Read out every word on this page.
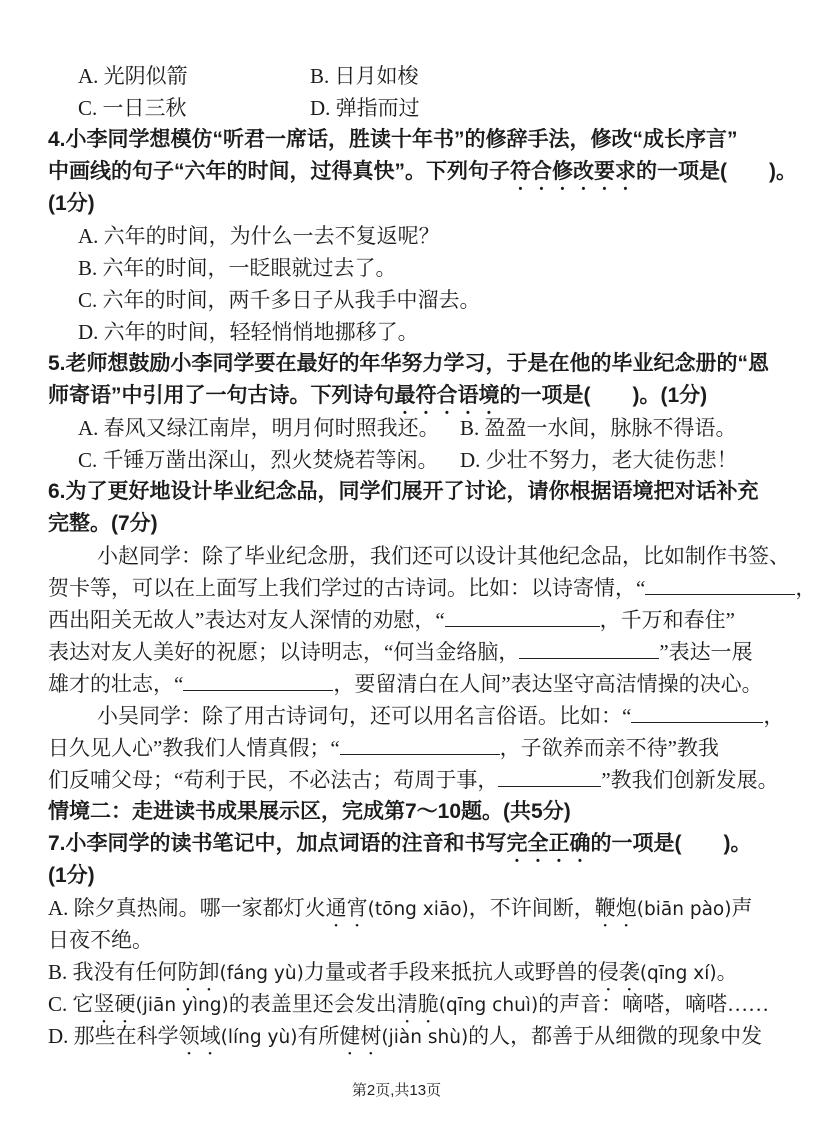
A. 光阴似箭	B. 日月如梭
C. 一日三秋	D. 弹指而过
4.小李同学想模仿“听君一席话，胜读十年书”的修辞手法，修改“成长序言”
中画线的句子“六年的时间，过得真快”。下列句子符合修改要求的一项是(　　)。
(1分)
A. 六年的时间，为什么一去不复返呢？
B. 六年的时间，一眨眼就过去了。
C. 六年的时间，两千多日子从我手中溜去。
D. 六年的时间，轻轻悄悄地挪移了。
5.老师想鼓励小李同学要在最好的年华努力学习，于是在他的毕业纪念册的“恩
师寄语”中引用了一句古诗。下列诗句最符合语境的一项是(　　)。(1分)
A. 春风又绿江南岸，明月何时照我还。 B. 盈盈一水间，脉脉不得语。
C. 千锤万凿出深山，烈火焚烧若等闲。 D. 少壮不努力，老大徒伤悲！
6.为了更好地设计毕业纪念品，同学们展开了讨论，请你根据语境把对话补充
完整。(7分)
小赵同学：除了毕业纪念册，我们还可以设计其他纪念品，比如制作书签、
贺卡等，可以在上面写上我们学过的古诗词。比如：以诗寄情，“	，
西出阳关无故人”表达对友人深情的劝慰，“	，千万和春住”
表达对友人美好的祝愿；以诗明志，“何当金络脑，	”表达一展
雄才的壮志，“	，要留清白在人间”表达坚守高洁情操的决心。
小吴同学：除了用古诗词句，还可以用名言俗语。比如：“	，
日久见人心”教我们人情真假；“	，子欲养而亲不待”教我
们反哺父母；“苟利于民，不必法古；苟周于事，	”教我们创新发展。
情境二：走进读书成果展示区，完成第7～10题。(共5分)
7.小李同学的读书笔记中，加点词语的注音和书写完全正确的一项是(　　)。
(1分)
A. 除夕真热闹。哪一家都灯火通宵(tōng xiāo)，不许间断，鞭炮(biān pào)声
日夜不绝。
B. 我没有任何防卸(fáng yù)力量或者手段来抵抗人或野兽的侵袭(qīng xí)。
C. 它竖硬(jiān yìng)的表盖里还会发出清脆(qīng chuì)的声音：嘀嗒，嘀嗒……
D. 那些在科学领域(líng yù)有所健树(jiàn shù)的人，都善于从细微的现象中发
第2页,共13页
